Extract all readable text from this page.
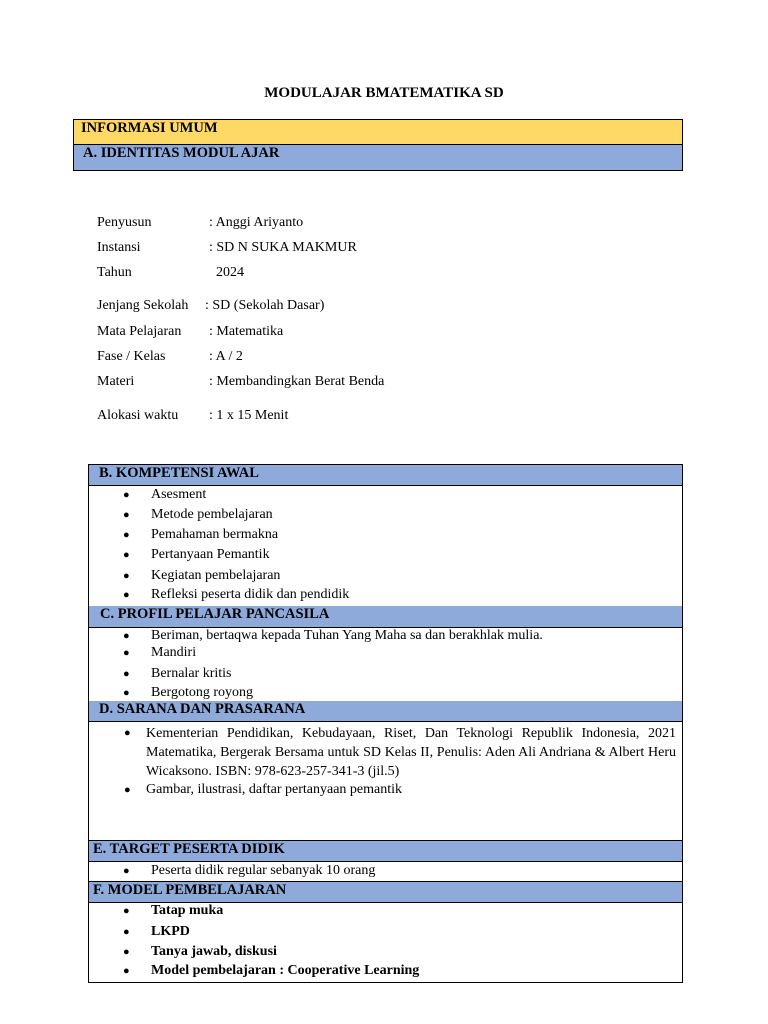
MODULAJAR BMATEMATIKA SD
INFORMASI UMUM
A. IDENTITAS MODUL AJAR
Penyusun	: Anggi Ariyanto
Instansi	: SD N SUKA MAKMUR
Tahun	2024
Jenjang Sekolah : SD (Sekolah Dasar)
Mata Pelajaran : Matematika
Fase / Kelas	: A / 2
Materi	: Membandingkan Berat Benda
Alokasi waktu : 1 x 15 Menit
B. KOMPETENSI AWAL
● Asesment
● Metode pembelajaran
● Pemahaman bermakna
● Pertanyaan Pemantik
● Kegiatan pembelajaran
● Refleksi peserta didik dan pendidik
C. PROFIL PELAJAR PANCASILA
● Beriman, bertaqwa kepada Tuhan Yang Maha sa dan berakhlak mulia.
● Mandiri
● Bernalar kritis
● Bergotong royong
D. SARANA DAN PRASARANA
● Kementerian Pendidikan, Kebudayaan, Riset, Dan Teknologi Republik Indonesia, 2021 Matematika, Bergerak Bersama untuk SD Kelas II, Penulis: Aden Ali Andriana & Albert Heru Wicaksono. ISBN: 978-623-257-341-3 (jil.5)
● Gambar, ilustrasi, daftar pertanyaan pemantik
E. TARGET PESERTA DIDIK
● Peserta didik regular sebanyak 10 orang
F. MODEL PEMBELAJARAN
● Tatap muka
● LKPD
● Tanya jawab, diskusi
● Model pembelajaran : Cooperative Learning
